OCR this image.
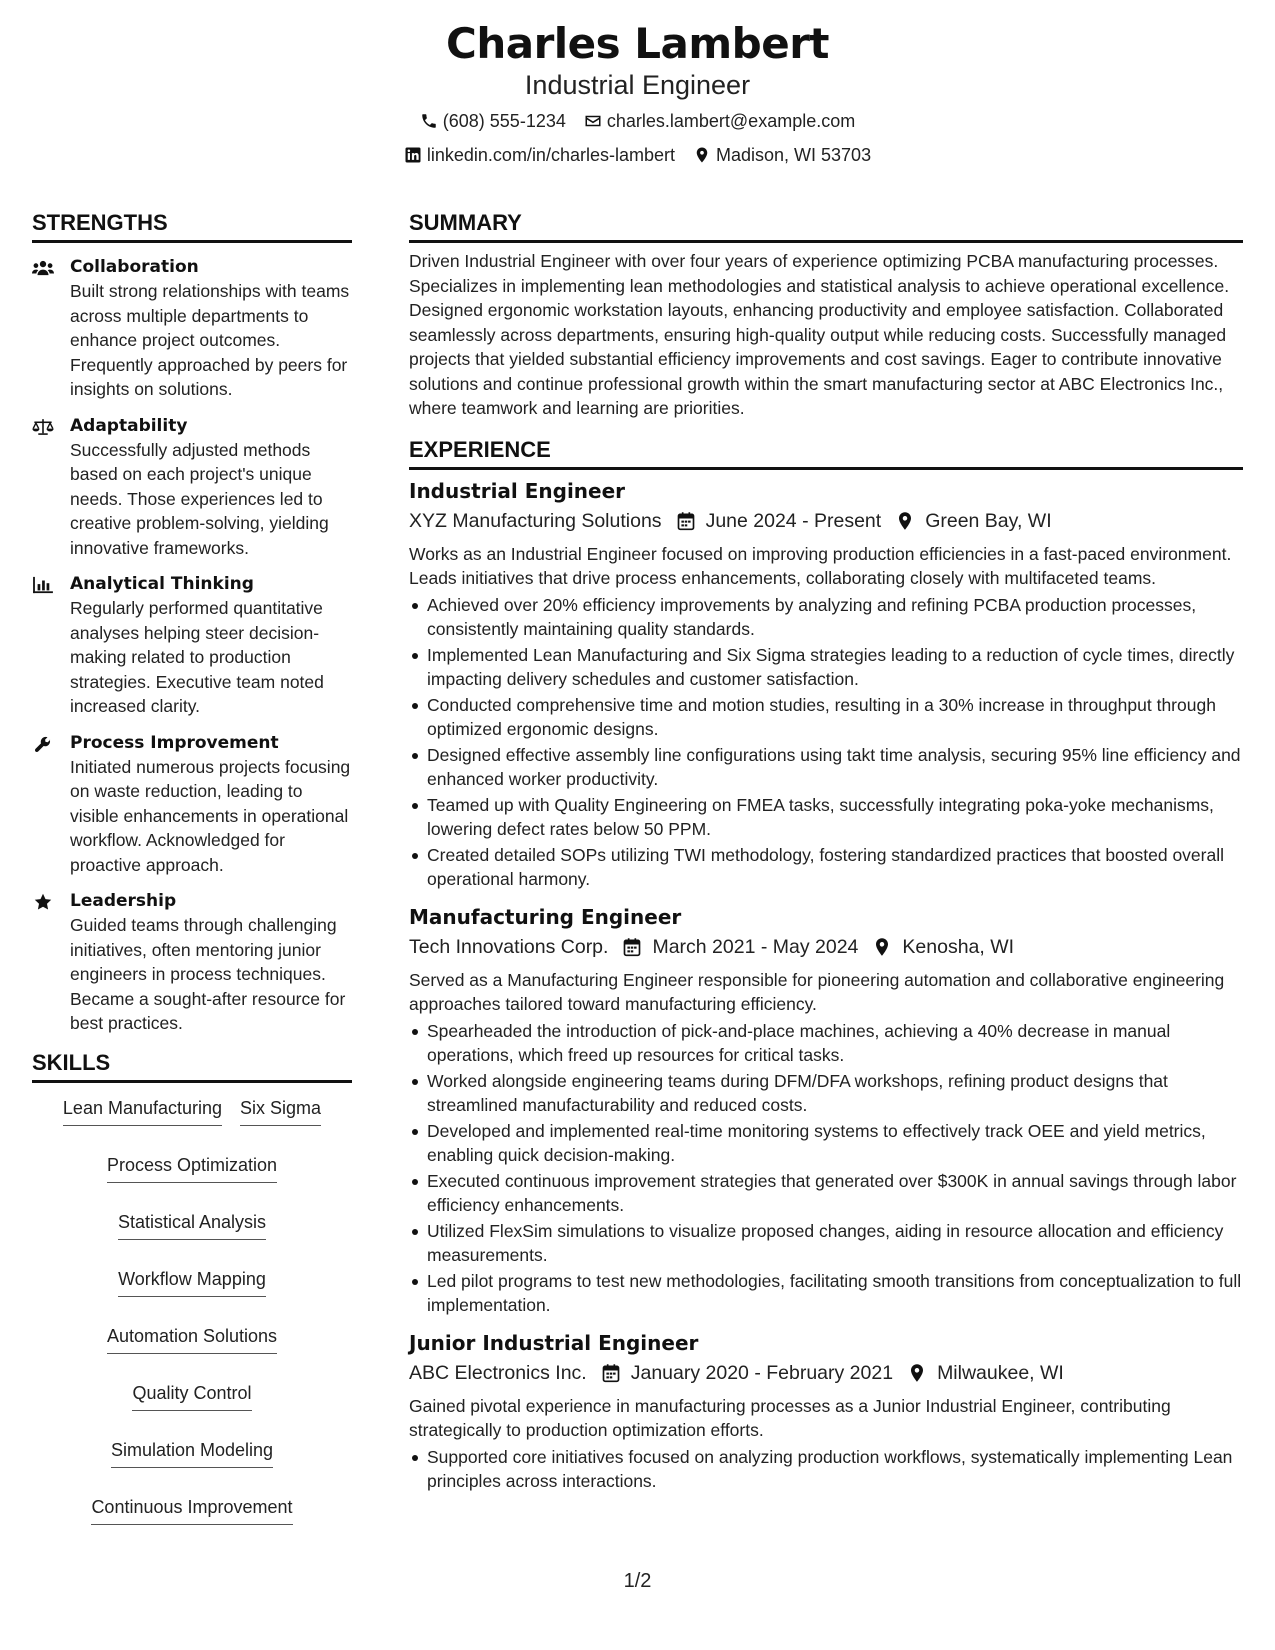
Charles Lambert
Industrial Engineer
(608) 555-1234 charles.lambert@example.com
linkedin.com/in/charles-lambert Madison, WI 53703
STRENGTHS
Collaboration
Built strong relationships with teams across multiple departments to enhance project outcomes. Frequently approached by peers for insights on solutions.
Adaptability
Successfully adjusted methods based on each project's unique needs. Those experiences led to creative problem-solving, yielding innovative frameworks.
Analytical Thinking
Regularly performed quantitative analyses helping steer decision-making related to production strategies. Executive team noted increased clarity.
Process Improvement
Initiated numerous projects focusing on waste reduction, leading to visible enhancements in operational workflow. Acknowledged for proactive approach.
Leadership
Guided teams through challenging initiatives, often mentoring junior engineers in process techniques. Became a sought-after resource for best practices.
SKILLS
Lean Manufacturing Six Sigma
Process Optimization
Statistical Analysis
Workflow Mapping
Automation Solutions
Quality Control
Simulation Modeling
Continuous Improvement
SUMMARY
Driven Industrial Engineer with over four years of experience optimizing PCBA manufacturing processes. Specializes in implementing lean methodologies and statistical analysis to achieve operational excellence. Designed ergonomic workstation layouts, enhancing productivity and employee satisfaction. Collaborated seamlessly across departments, ensuring high-quality output while reducing costs. Successfully managed projects that yielded substantial efficiency improvements and cost savings. Eager to contribute innovative solutions and continue professional growth within the smart manufacturing sector at ABC Electronics Inc., where teamwork and learning are priorities.
EXPERIENCE
Industrial Engineer
XYZ Manufacturing Solutions June 2024 - Present Green Bay, WI
Works as an Industrial Engineer focused on improving production efficiencies in a fast-paced environment. Leads initiatives that drive process enhancements, collaborating closely with multifaceted teams.
Achieved over 20% efficiency improvements by analyzing and refining PCBA production processes, consistently maintaining quality standards.
Implemented Lean Manufacturing and Six Sigma strategies leading to a reduction of cycle times, directly impacting delivery schedules and customer satisfaction.
Conducted comprehensive time and motion studies, resulting in a 30% increase in throughput through optimized ergonomic designs.
Designed effective assembly line configurations using takt time analysis, securing 95% line efficiency and enhanced worker productivity.
Teamed up with Quality Engineering on FMEA tasks, successfully integrating poka-yoke mechanisms, lowering defect rates below 50 PPM.
Created detailed SOPs utilizing TWI methodology, fostering standardized practices that boosted overall operational harmony.
Manufacturing Engineer
Tech Innovations Corp. March 2021 - May 2024 Kenosha, WI
Served as a Manufacturing Engineer responsible for pioneering automation and collaborative engineering approaches tailored toward manufacturing efficiency.
Spearheaded the introduction of pick-and-place machines, achieving a 40% decrease in manual operations, which freed up resources for critical tasks.
Worked alongside engineering teams during DFM/DFA workshops, refining product designs that streamlined manufacturability and reduced costs.
Developed and implemented real-time monitoring systems to effectively track OEE and yield metrics, enabling quick decision-making.
Executed continuous improvement strategies that generated over $300K in annual savings through labor efficiency enhancements.
Utilized FlexSim simulations to visualize proposed changes, aiding in resource allocation and efficiency measurements.
Led pilot programs to test new methodologies, facilitating smooth transitions from conceptualization to full implementation.
Junior Industrial Engineer
ABC Electronics Inc. January 2020 - February 2021 Milwaukee, WI
Gained pivotal experience in manufacturing processes as a Junior Industrial Engineer, contributing strategically to production optimization efforts.
Supported core initiatives focused on analyzing production workflows, systematically implementing Lean principles across interactions.
1/2
